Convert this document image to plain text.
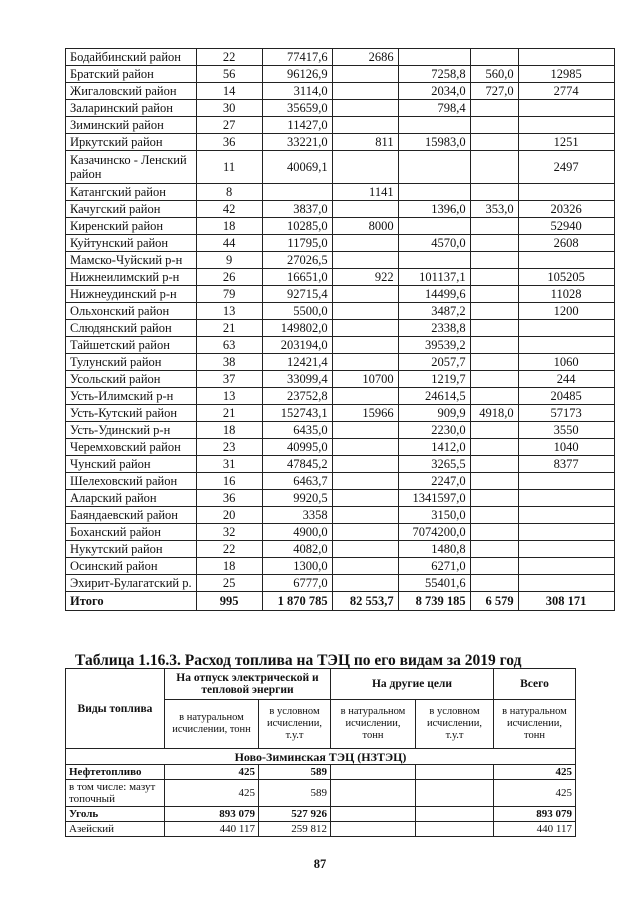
Бодайбинский район	22	77417,6	2686			
Братский район	56	96126,9		7258,8	560,0	12985
Жигаловский район	14	3114,0		2034,0	727,0	2774
Заларинский район	30	35659,0		798,4		
Зиминский район	27	11427,0				
Иркутский район	36	33221,0	811	15983,0		1251
Казачинско - Ленский район	11	40069,1				2497
Катангский район	8		1141			
Качугский район	42	3837,0		1396,0	353,0	20326
Киренский район	18	10285,0	8000			52940
Куйтунский район	44	11795,0		4570,0		2608
Мамско-Чуйский р-н	9	27026,5				
Нижнеилимский р-н	26	16651,0	922	101137,1		105205
Нижнеудинский р-н	79	92715,4		14499,6		11028
Ольхонский район	13	5500,0		3487,2		1200
Слюдянский район	21	149802,0		2338,8		
Тайшетский район	63	203194,0		39539,2		
Тулунский район	38	12421,4		2057,7		1060
Усольский район	37	33099,4	10700	1219,7		244
Усть-Илимский р-н	13	23752,8		24614,5		20485
Усть-Кутский район	21	152743,1	15966	909,9	4918,0	57173
Усть-Удинский р-н	18	6435,0		2230,0		3550
Черемховский район	23	40995,0		1412,0		1040
Чунский район	31	47845,2		3265,5		8377
Шелеховский район	16	6463,7		2247,0		
Аларский район	36	9920,5		1341597,0		
Баяндаевский район	20	3358		3150,0		
Боханский район	32	4900,0		7074200,0		
Нукутский район	22	4082,0		1480,8		
Осинский район	18	1300,0		6271,0		
Эхирит-Булагатский р.	25	6777,0		55401,6		
Итого	995	1 870 785	82 553,7	8 739 185	6 579	308 171
Таблица 1.16.3. Расход топлива на ТЭЦ по его видам за 2019 год
Виды топлива	На отпуск электрической и тепловой энергии		На другие цели		Всего
	в натуральном исчислении, тонн	в условном исчислении, т.у.т	в натуральном исчислении, тонн	в условном исчислении, т.у.т	в натуральном исчислении, тонн
Ново-Зиминская ТЭЦ (НЗТЭЦ)					
Нефтетопливо	425	589			425
в том числе: мазут топочный	425	589			425
Уголь	893 079	527 926			893 079
Азейский	440 117	259 812			440 117
87
